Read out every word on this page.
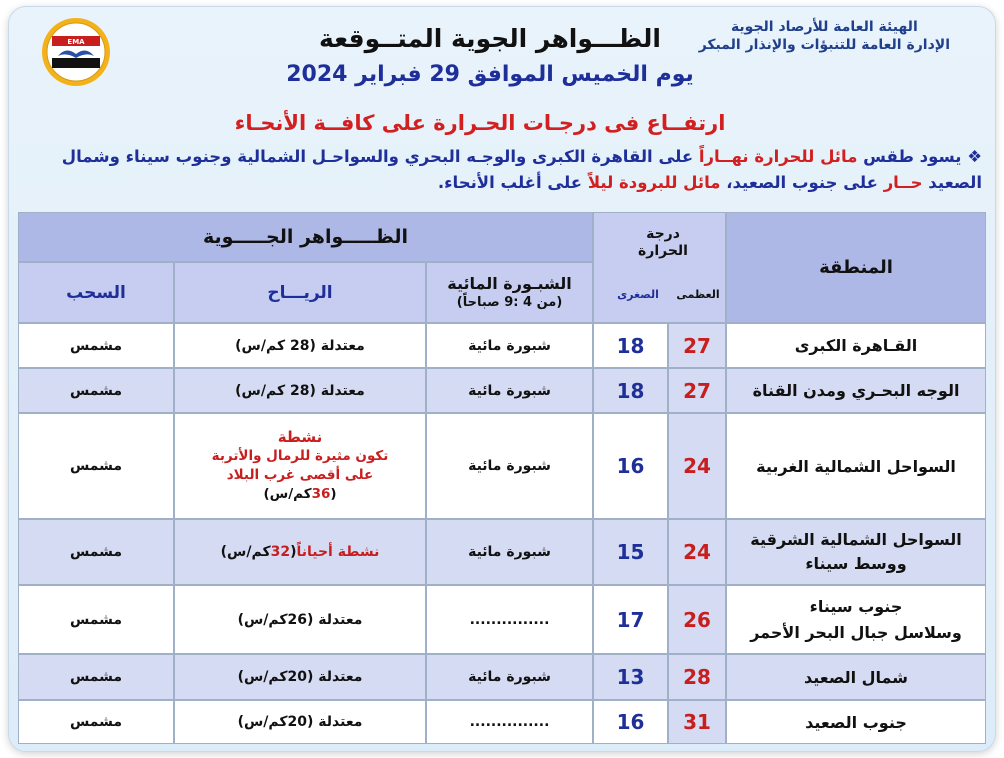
EMA
الهيئة العامة للأرصاد الجوية
الإدارة العامة للتنبؤات والإنذار المبكر
الظـــواهر الجوية المتــوقعة
يوم الخميس الموافق 29 فبراير 2024
ارتفــاع فى درجـات الحـرارة على كافــة الأنحـاء
❖ يسود طقس مائل للحرارة نهــاراً على القاهرة الكبرى والوجـه البحري والسواحـل الشمالية وجنوب سيناء وشمال الصعيد حــار على جنوب الصعيد، مائل للبرودة ليلاً على أغلب الأنحاء.
المنطقة
درجة
الحرارة
العظمى
الصغرى
الظـــــواهر الجـــــوية
الشبـورة المائية
(من 4 :9 صباحاً)
الريـــاح
السحب
القـاهرة الكبرى
27
18
شبورة مائية
معتدلة (28 كم/س)
مشمس
الوجه البحـري ومدن القناة
27
18
شبورة مائية
معتدلة (28 كم/س)
مشمس
السواحل الشمالية الغربية
24
16
شبورة مائية
نشطة
تكون مثيرة للرمال والأتربة
على أقصى غرب البلاد
(36كم/س)
مشمس
السواحل الشمالية الشرقية
ووسط سيناء
24
15
شبورة مائية
نشطة أحياناً
(
32
كم/س)
مشمس
جنوب سيناء
وسلاسل جبال البحر الأحمر
26
17
...............
معتدلة (26كم/س)
مشمس
شمال الصعيد
28
13
شبورة مائية
معتدلة (20كم/س)
مشمس
جنوب الصعيد
31
16
...............
معتدلة (20كم/س)
مشمس
